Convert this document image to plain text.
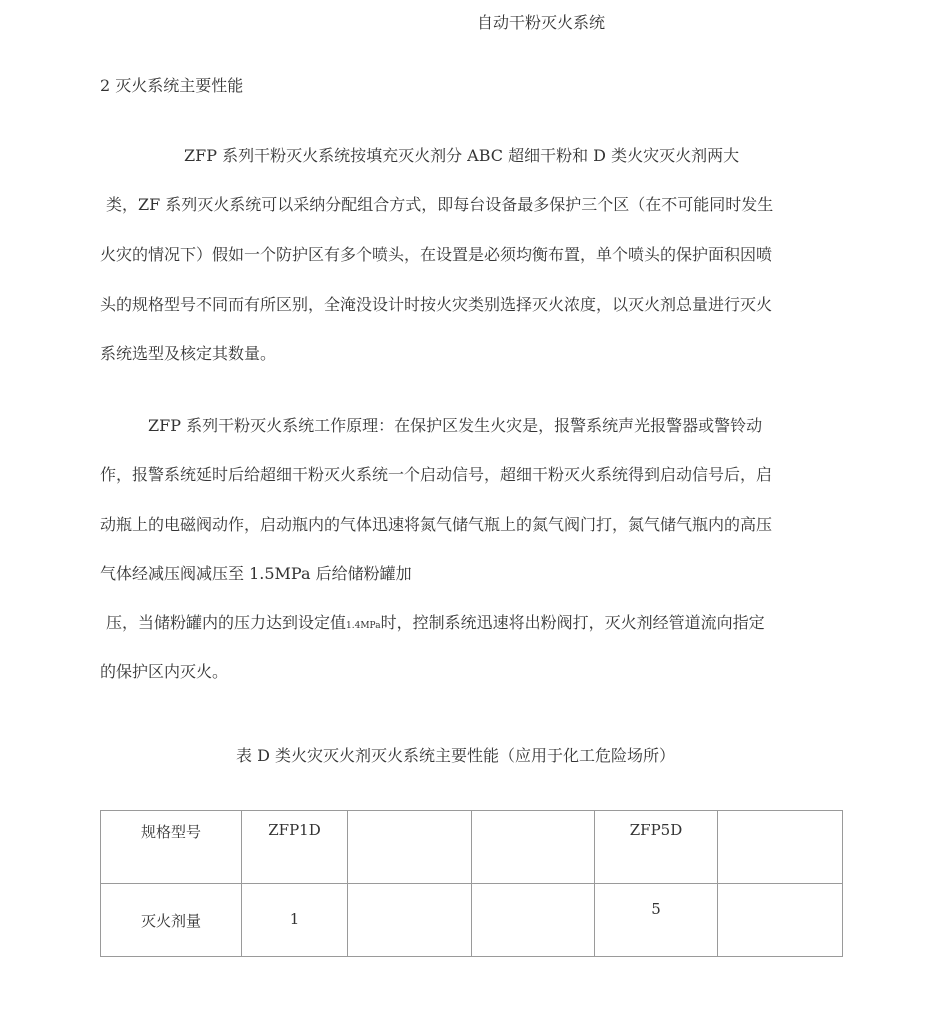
自动干粉灭火系统
2 灭火系统主要性能
ZFP 系列干粉灭火系统按填充灭火剂分 ABC 超细干粉和 D 类火灾灭火剂两大
类，ZF 系列灭火系统可以采纳分配组合方式，即每台设备最多保护三个区（在不可能同时发生
火灾的情况下）假如一个防护区有多个喷头，在设置是必须均衡布置，单个喷头的保护面积因喷
头的规格型号不同而有所区别，全淹没设计时按火灾类别选择灭火浓度，以灭火剂总量进行灭火
系统选型及核定其数量。
ZFP 系列干粉灭火系统工作原理：在保护区发生火灾是，报警系统声光报警器或警铃动
作，报警系统延时后给超细干粉灭火系统一个启动信号，超细干粉灭火系统得到启动信号后，启
动瓶上的电磁阀动作，启动瓶内的气体迅速将氮气储气瓶上的氮气阀门打，氮气储气瓶内的高压
气体经减压阀减压至 1.5MPa 后给储粉罐加
压，当储粉罐内的压力达到设定值1.4MPa时，控制系统迅速将出粉阀打，灭火剂经管道流向指定
的保护区内灭火。
表 D 类火灾灭火剂灭火系统主要性能（应用于化工危险场所）
规格型号	ZFP1D			ZFP5D	

灭火剂量	1			5	
